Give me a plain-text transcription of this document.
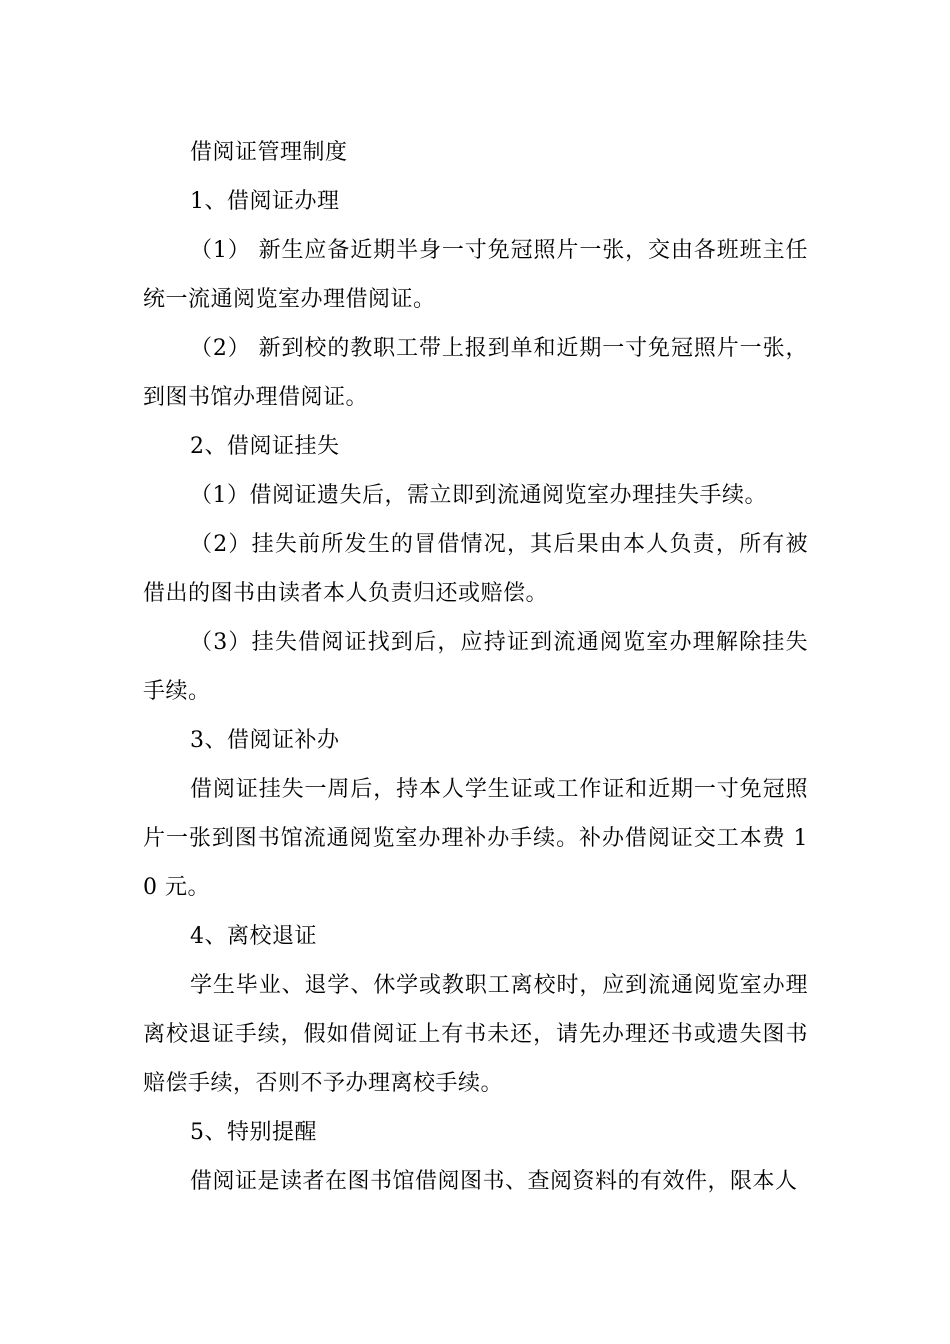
借阅证管理制度

1、借阅证办理

（1） 新生应备近期半身一寸免冠照片一张，交由各班班主任统一流通阅览室办理借阅证。

（2） 新到校的教职工带上报到单和近期一寸免冠照片一张，到图书馆办理借阅证。

2、借阅证挂失

（1）借阅证遗失后，需立即到流通阅览室办理挂失手续。

（2）挂失前所发生的冒借情况，其后果由本人负责，所有被借出的图书由读者本人负责归还或赔偿。

（3）挂失借阅证找到后，应持证到流通阅览室办理解除挂失手续。

3、借阅证补办

借阅证挂失一周后，持本人学生证或工作证和近期一寸免冠照片一张到图书馆流通阅览室办理补办手续。补办借阅证交工本费 10 元。

4、离校退证

学生毕业、退学、休学或教职工离校时，应到流通阅览室办理离校退证手续，假如借阅证上有书未还，请先办理还书或遗失图书赔偿手续，否则不予办理离校手续。

5、特别提醒

借阅证是读者在图书馆借阅图书、查阅资料的有效件，限本人
